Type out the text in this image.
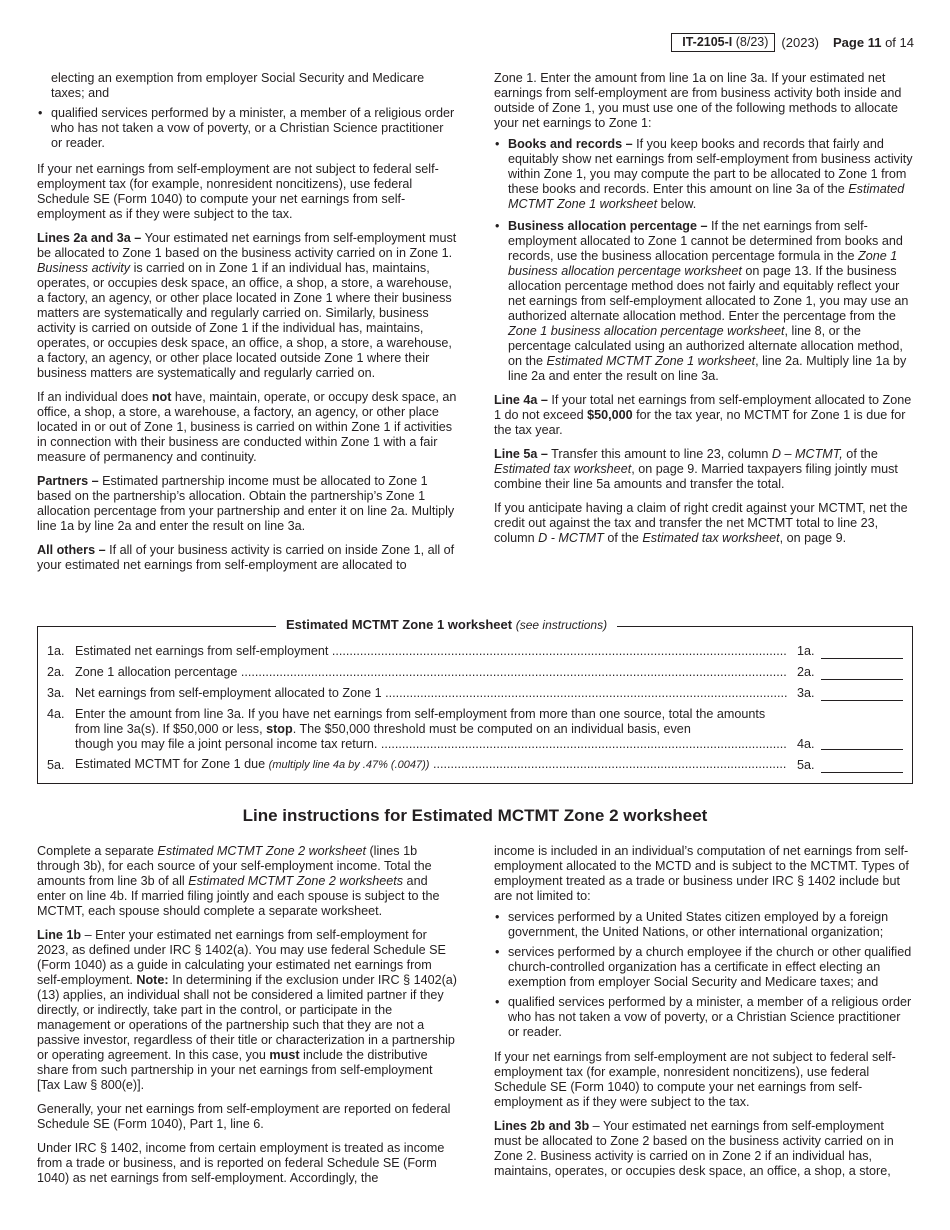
IT-2105-I (8/23)	(2023) Page 11 of 14
electing an exemption from employer Social Security and Medicare taxes; and
• qualified services performed by a minister, a member of a religious order who has not taken a vow of poverty, or a Christian Science practitioner or reader.

If your net earnings from self-employment are not subject to federal self-employment tax (for example, nonresident noncitizens), use federal Schedule SE (Form 1040) to compute your net earnings from self-employment as if they were subject to the tax.

Lines 2a and 3a – Your estimated net earnings from self-employment must be allocated to Zone 1 based on the business activity carried on in Zone 1. Business activity is carried on in Zone 1 if an individual has, maintains, operates, or occupies desk space, an office, a shop, a store, a warehouse, a factory, an agency, or other place located in Zone 1 where their business matters are systematically and regularly carried on. Similarly, business activity is carried on outside of Zone 1 if the individual has, maintains, operates, or occupies desk space, an office, a shop, a store, a warehouse, a factory, an agency, or other place located outside Zone 1 where their business matters are systematically and regularly carried on.

If an individual does not have, maintain, operate, or occupy desk space, an office, a shop, a store, a warehouse, a factory, an agency, or other place located in or out of Zone 1, business is carried on within Zone 1 if activities in connection with their business are conducted within Zone 1 with a fair measure of permanency and continuity.

Partners – Estimated partnership income must be allocated to Zone 1 based on the partnership’s allocation. Obtain the partnership’s Zone 1 allocation percentage from your partnership and enter it on line 2a. Multiply line 1a by line 2a and enter the result on line 3a.

All others – If all of your business activity is carried on inside Zone 1, all of your estimated net earnings from self-employment are allocated to

Zone 1. Enter the amount from line 1a on line 3a. If your estimated net earnings from self-employment are from business activity both inside and outside of Zone 1, you must use one of the following methods to allocate your net earnings to Zone 1:

• Books and records – If you keep books and records that fairly and equitably show net earnings from self-employment from business activity within Zone 1, you may compute the part to be allocated to Zone 1 from these books and records. Enter this amount on line 3a of the Estimated MCTMT Zone 1 worksheet below.
• Business allocation percentage – If the net earnings from self-employment allocated to Zone 1 cannot be determined from books and records, use the business allocation percentage formula in the Zone 1 business allocation percentage worksheet on page 13. If the business allocation percentage method does not fairly and equitably reflect your net earnings from self-employment allocated to Zone 1, you may use an authorized alternate allocation method. Enter the percentage from the Zone 1 business allocation percentage worksheet, line 8, or the percentage calculated using an authorized alternate allocation method, on the Estimated MCTMT Zone 1 worksheet, line 2a. Multiply line 1a by line 2a and enter the result on line 3a.

Line 4a – If your total net earnings from self-employment allocated to Zone 1 do not exceed $50,000 for the tax year, no MCTMT for Zone 1 is due for the tax year.

Line 5a – Transfer this amount to line 23, column D – MCTMT, of the Estimated tax worksheet, on page 9. Married taxpayers filing jointly must combine their line 5a amounts and transfer the total.

If you anticipate having a claim of right credit against your MCTMT, net the credit out against the tax and transfer the net MCTMT total to line 23, column D - MCTMT of the Estimated tax worksheet, on page 9.

Estimated MCTMT Zone 1 worksheet (see instructions)
1a. Estimated net earnings from self-employment .....	1a.
2a. Zone 1 allocation percentage .....	2a.
3a. Net earnings from self-employment allocated to Zone 1 .....	3a.
4a. Enter the amount from line 3a. If you have net earnings from self-employment from more than one source, total the amounts from line 3a(s). If $50,000 or less, stop. The $50,000 threshold must be computed on an individual basis, even
though you may file a joint personal income tax return. .....	4a.
5a. Estimated MCTMT for Zone 1 due (multiply line 4a by .47% (.0047)) .....	5a.
Line instructions for Estimated MCTMT Zone 2 worksheet

Complete a separate Estimated MCTMT Zone 2 worksheet (lines 1b through 3b), for each source of your self-employment income. Total the amounts from line 3b of all Estimated MCTMT Zone 2 worksheets and enter on line 4b. If married filing jointly and each spouse is subject to the MCTMT, each spouse should complete a separate worksheet.

Line 1b – Enter your estimated net earnings from self-employment for 2023, as defined under IRC § 1402(a). You may use federal Schedule SE (Form 1040) as a guide in calculating your estimated net earnings from self-employment. Note: In determining if the exclusion under IRC § 1402(a)(13) applies, an individual shall not be considered a limited partner if they directly, or indirectly, take part in the control, or participate in the management or operations of the partnership such that they are not a passive investor, regardless of their title or characterization in a partnership or operating agreement. In this case, you must include the distributive share from such partnership in your net earnings from self-employment [Tax Law § 800(e)].

Generally, your net earnings from self-employment are reported on federal Schedule SE (Form 1040), Part 1, line 6.

Under IRC § 1402, income from certain employment is treated as income from a trade or business, and is reported on federal Schedule SE (Form 1040) as net earnings from self-employment. Accordingly, the

income is included in an individual’s computation of net earnings from self-employment allocated to the MCTD and is subject to the MCTMT. Types of employment treated as a trade or business under IRC § 1402 include but are not limited to:

• services performed by a United States citizen employed by a foreign government, the United Nations, or other international organization;
• services performed by a church employee if the church or other qualified church-controlled organization has a certificate in effect electing an exemption from employer Social Security and Medicare taxes; and
• qualified services performed by a minister, a member of a religious order who has not taken a vow of poverty, or a Christian Science practitioner or reader.

If your net earnings from self-employment are not subject to federal self-employment tax (for example, nonresident noncitizens), use federal Schedule SE (Form 1040) to compute your net earnings from self-employment as if they were subject to the tax.

Lines 2b and 3b – Your estimated net earnings from self-employment must be allocated to Zone 2 based on the business activity carried on in Zone 2. Business activity is carried on in Zone 2 if an individual has, maintains, operates, or occupies desk space, an office, a shop, a store,
